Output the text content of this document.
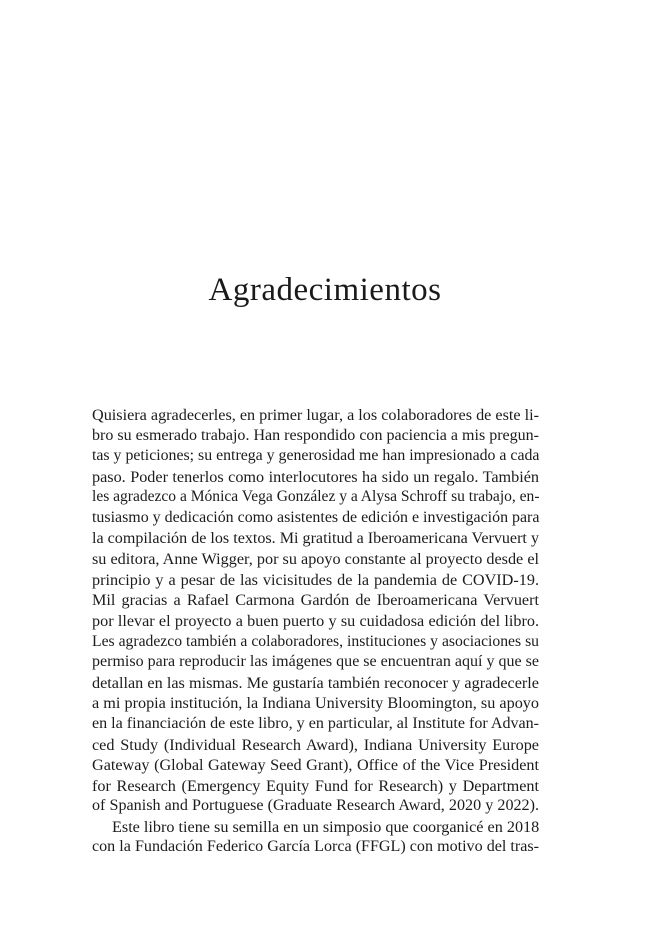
Agradecimientos
Quisiera agradecerles, en primer lugar, a los colaboradores de este li-
bro su esmerado trabajo. Han respondido con paciencia a mis pregun-
tas y peticiones; su entrega y generosidad me han impresionado a cada
paso. Poder tenerlos como interlocutores ha sido un regalo. También
les agradezco a Mónica Vega González y a Alysa Schroff su trabajo, en-
tusiasmo y dedicación como asistentes de edición e investigación para
la compilación de los textos. Mi gratitud a Iberoamericana Vervuert y
su editora, Anne Wigger, por su apoyo constante al proyecto desde el
principio y a pesar de las vicisitudes de la pandemia de COVID-19.
Mil gracias a Rafael Carmona Gardón de Iberoamericana Vervuert
por llevar el proyecto a buen puerto y su cuidadosa edición del libro.
Les agradezco también a colaboradores, instituciones y asociaciones su
permiso para reproducir las imágenes que se encuentran aquí y que se
detallan en las mismas. Me gustaría también reconocer y agradecerle
a mi propia institución, la Indiana University Bloomington, su apoyo
en la financiación de este libro, y en particular, al Institute for Advan-
ced Study (Individual Research Award), Indiana University Europe
Gateway (Global Gateway Seed Grant), Office of the Vice President
for Research (Emergency Equity Fund for Research) y Department
of Spanish and Portuguese (Graduate Research Award, 2020 y 2022).
Este libro tiene su semilla en un simposio que coorganicé en 2018
con la Fundación Federico García Lorca (FFGL) con motivo del tras-
